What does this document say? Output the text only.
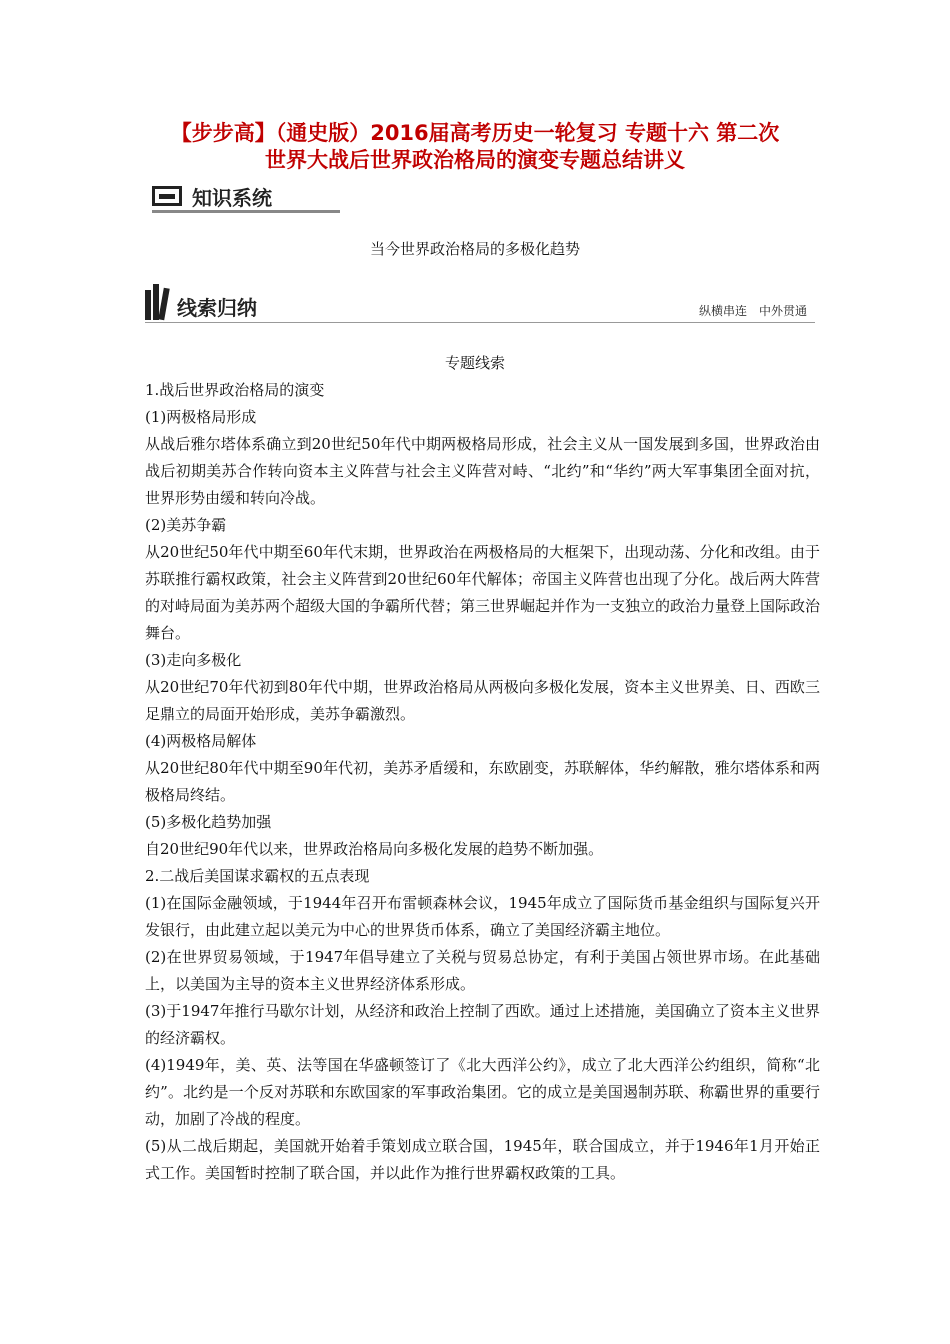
【步步高】（通史版）2016届高考历史一轮复习 专题十六 第二次
世界大战后世界政治格局的演变专题总结讲义
知识系统
当今世界政治格局的多极化趋势
线索归纳	纵横串连　中外贯通
专题线索

1.战后世界政治格局的演变

(1)两极格局形成

从战后雅尔塔体系确立到20世纪50年代中期两极格局形成，社会主义从一国发展到多国，世界政治由战后初期美苏合作转向资本主义阵营与社会主义阵营对峙、“北约”和“华约”两大军事集团全面对抗，世界形势由缓和转向冷战。

(2)美苏争霸

从20世纪50年代中期至60年代末期，世界政治在两极格局的大框架下，出现动荡、分化和改组。由于苏联推行霸权政策，社会主义阵营到20世纪60年代解体；帝国主义阵营也出现了分化。战后两大阵营的对峙局面为美苏两个超级大国的争霸所代替；第三世界崛起并作为一支独立的政治力量登上国际政治舞台。

(3)走向多极化

从20世纪70年代初到80年代中期，世界政治格局从两极向多极化发展，资本主义世界美、日、西欧三足鼎立的局面开始形成，美苏争霸激烈。

(4)两极格局解体

从20世纪80年代中期至90年代初，美苏矛盾缓和，东欧剧变，苏联解体，华约解散，雅尔塔体系和两极格局终结。

(5)多极化趋势加强

自20世纪90年代以来，世界政治格局向多极化发展的趋势不断加强。

2.二战后美国谋求霸权的五点表现

(1)在国际金融领域，于1944年召开布雷顿森林会议，1945年成立了国际货币基金组织与国际复兴开发银行，由此建立起以美元为中心的世界货币体系，确立了美国经济霸主地位。

(2)在世界贸易领域，于1947年倡导建立了关税与贸易总协定，有利于美国占领世界市场。在此基础上，以美国为主导的资本主义世界经济体系形成。

(3)于1947年推行马歇尔计划，从经济和政治上控制了西欧。通过上述措施，美国确立了资本主义世界的经济霸权。

(4)1949年，美、英、法等国在华盛顿签订了《北大西洋公约》，成立了北大西洋公约组织，简称“北约”。北约是一个反对苏联和东欧国家的军事政治集团。它的成立是美国遏制苏联、称霸世界的重要行动，加剧了冷战的程度。

(5)从二战后期起，美国就开始着手策划成立联合国，1945年，联合国成立，并于1946年1月开始正式工作。美国暂时控制了联合国，并以此作为推行世界霸权政策的工具。
